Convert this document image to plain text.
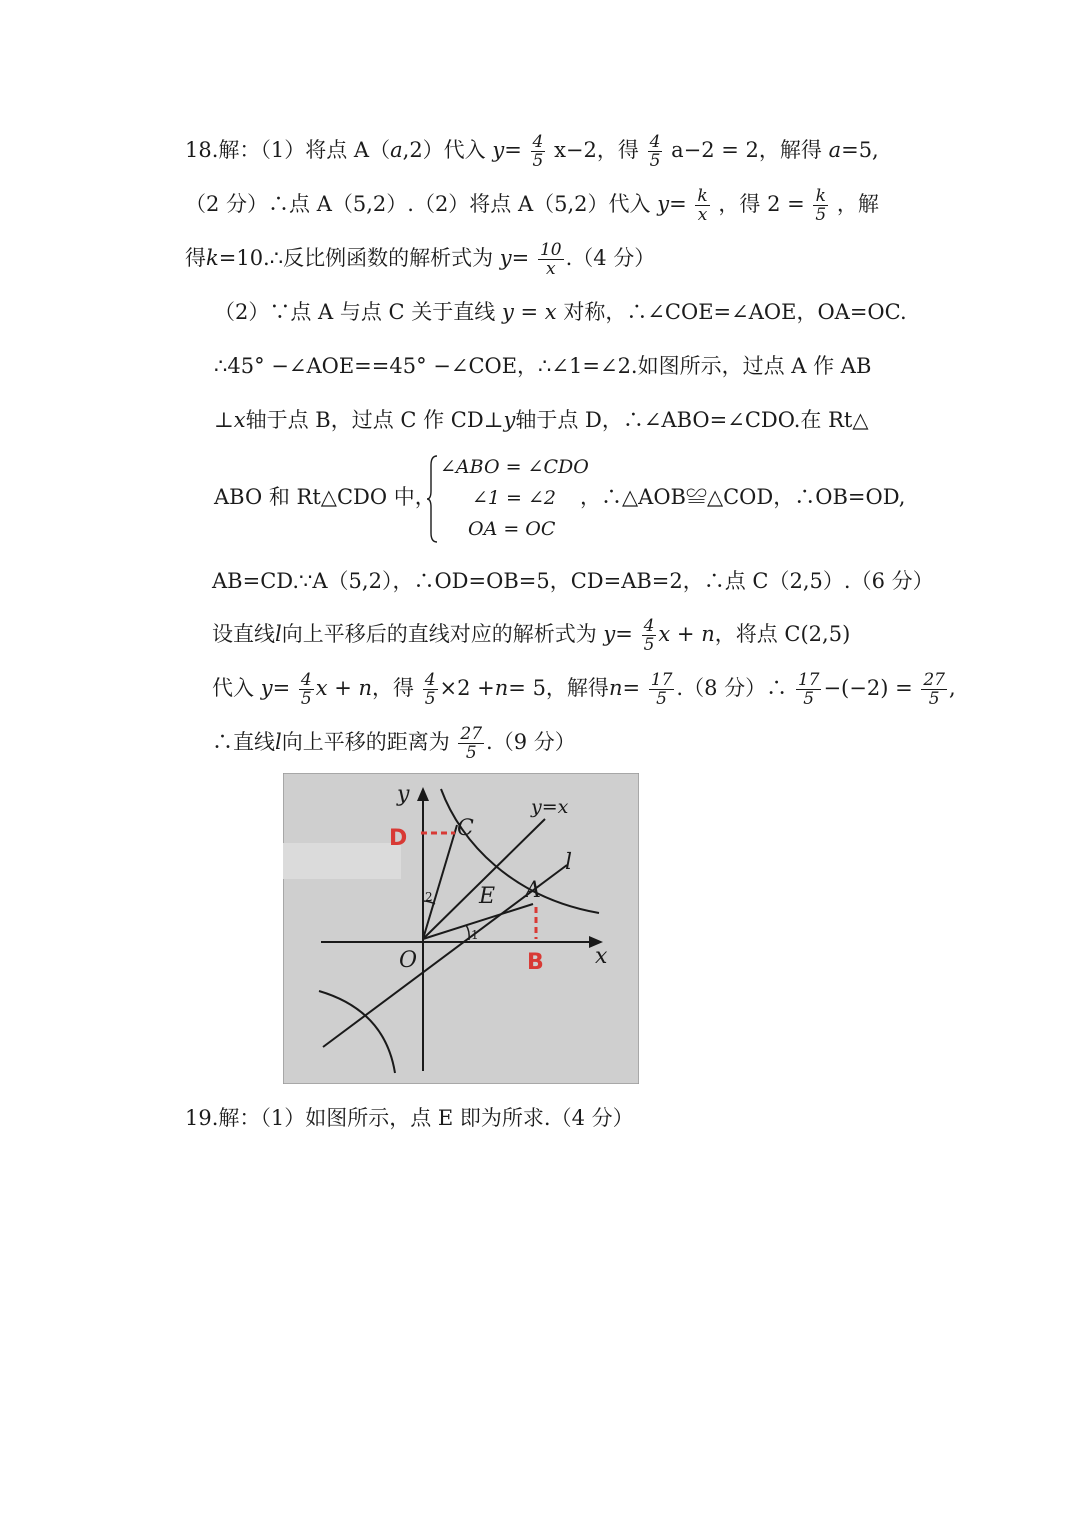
18.解：（1）将点 A（a,2）代入 $y= \frac{4}{5} x-2$，得 $\frac{4}{5} a-2 = 2$，解得 a=5,
（2 分）∴点 A（5,2）.（2）将点 A（5,2）代入 $y= \frac{k}{x}$ ，得 $2 = \frac{k}{5}$ ，解
得k=10.∴反比例函数的解析式为 $y= \frac{10}{x} .(4$ 分）
（2）∵点 A 与点 C 关于直线 y = x 对称，∴∠COE=∠AOE，OA=OC.
∴45° −∠AOE==45° −∠COE，∴∠1=∠2.如图所示，过点 A 作 AB
⊥x轴于点 B，过点 C 作 CD⊥y轴于点 D，∴∠ABO=∠CDO.在 Rt△
ABO 和 Rt△CDO 中，
∠ABO = ∠CDO
∠1 = ∠2
OA = OC
，∴△AOB≌△COD，∴OB=OD,
AB=CD.∵A（5,2），∴OD=OB=5，CD=AB=2，∴点 C（2,5）.（6 分）
设直线l向上平移后的直线对应的解析式为 $y= \frac{4}{5}$ x + n，将点 C(2,5)
代入 $y= \frac{4}{5}$ x + n，得 $\frac{4}{5} \times 2 +n= 5$，解得$n= \frac{17}{5} .(8$ 分）∴ $\frac{17}{5} -(-2) = \frac{27}{5}$ ,
∴直线l向上平移的距离为 $\frac{27}{5} .(9$ 分）
y
x
O
C
D
E A
B
l
y=x
1
2
19.解：（1）如图所示，点 E 即为所求.（4 分）
